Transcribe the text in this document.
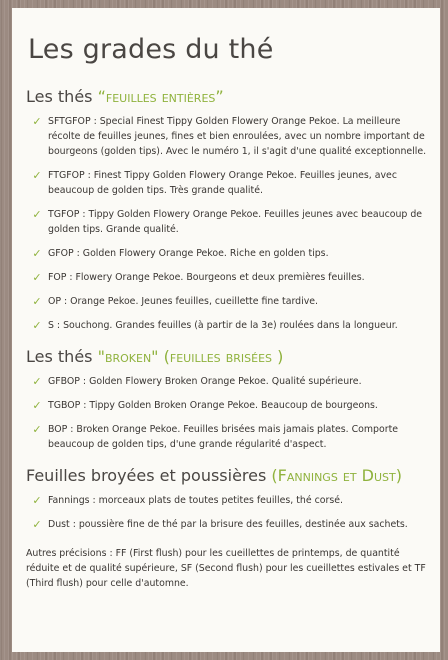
Les grades du thé
Les thés “feuilles entières”
✓ SFTGFOP : Special Finest Tippy Golden Flowery Orange Pekoe. La meilleure récolte de feuilles jeunes, fines et bien enroulées, avec un nombre important de bourgeons (golden tips). Avec le numéro 1, il s'agit d'une qualité exceptionnelle.
✓ FTGFOP : Finest Tippy Golden Flowery Orange Pekoe. Feuilles jeunes, avec beaucoup de golden tips. Très grande qualité.
✓ TGFOP : Tippy Golden Flowery Orange Pekoe. Feuilles jeunes avec beaucoup de golden tips. Grande qualité.
✓ GFOP : Golden Flowery Orange Pekoe. Riche en golden tips.
✓ FOP : Flowery Orange Pekoe. Bourgeons et deux premières feuilles.
✓ OP : Orange Pekoe. Jeunes feuilles, cueillette fine tardive.
✓ S : Souchong. Grandes feuilles (à partir de la 3e) roulées dans la longueur.
Les thés "broken" (feuilles brisées )
✓ GFBOP : Golden Flowery Broken Orange Pekoe. Qualité supérieure.
✓ TGBOP : Tippy Golden Broken Orange Pekoe. Beaucoup de bourgeons.
✓ BOP : Broken Orange Pekoe. Feuilles brisées mais jamais plates. Comporte beaucoup de golden tips, d'une grande régularité d'aspect.
Feuilles broyées et poussières (Fannings et Dust)
✓ Fannings : morceaux plats de toutes petites feuilles, thé corsé.
✓ Dust : poussière fine de thé par la brisure des feuilles, destinée aux sachets.
Autres précisions : FF (First flush) pour les cueillettes de printemps, de quantité réduite et de qualité supérieure, SF (Second flush) pour les cueillettes estivales et TF (Third flush) pour celle d'automne.
